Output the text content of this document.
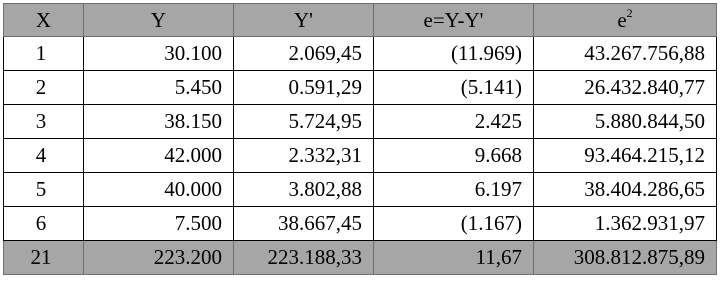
X	Y	Y'	e=Y-Y'	$e^2$
1	30.100	2.069,45	(11.969)	43.267.756,88
2	5.450	0.591,29	(5.141)	26.432.840,77
3	38.150	5.724,95	2.425	5.880.844,50
4	42.000	2.332,31	9.668	93.464.215,12
5	40.000	3.802,88	6.197	38.404.286,65
6	7.500	38.667,45	(1.167)	1.362.931,97
21	223.200	223.188,33	11,67	308.812.875,89
